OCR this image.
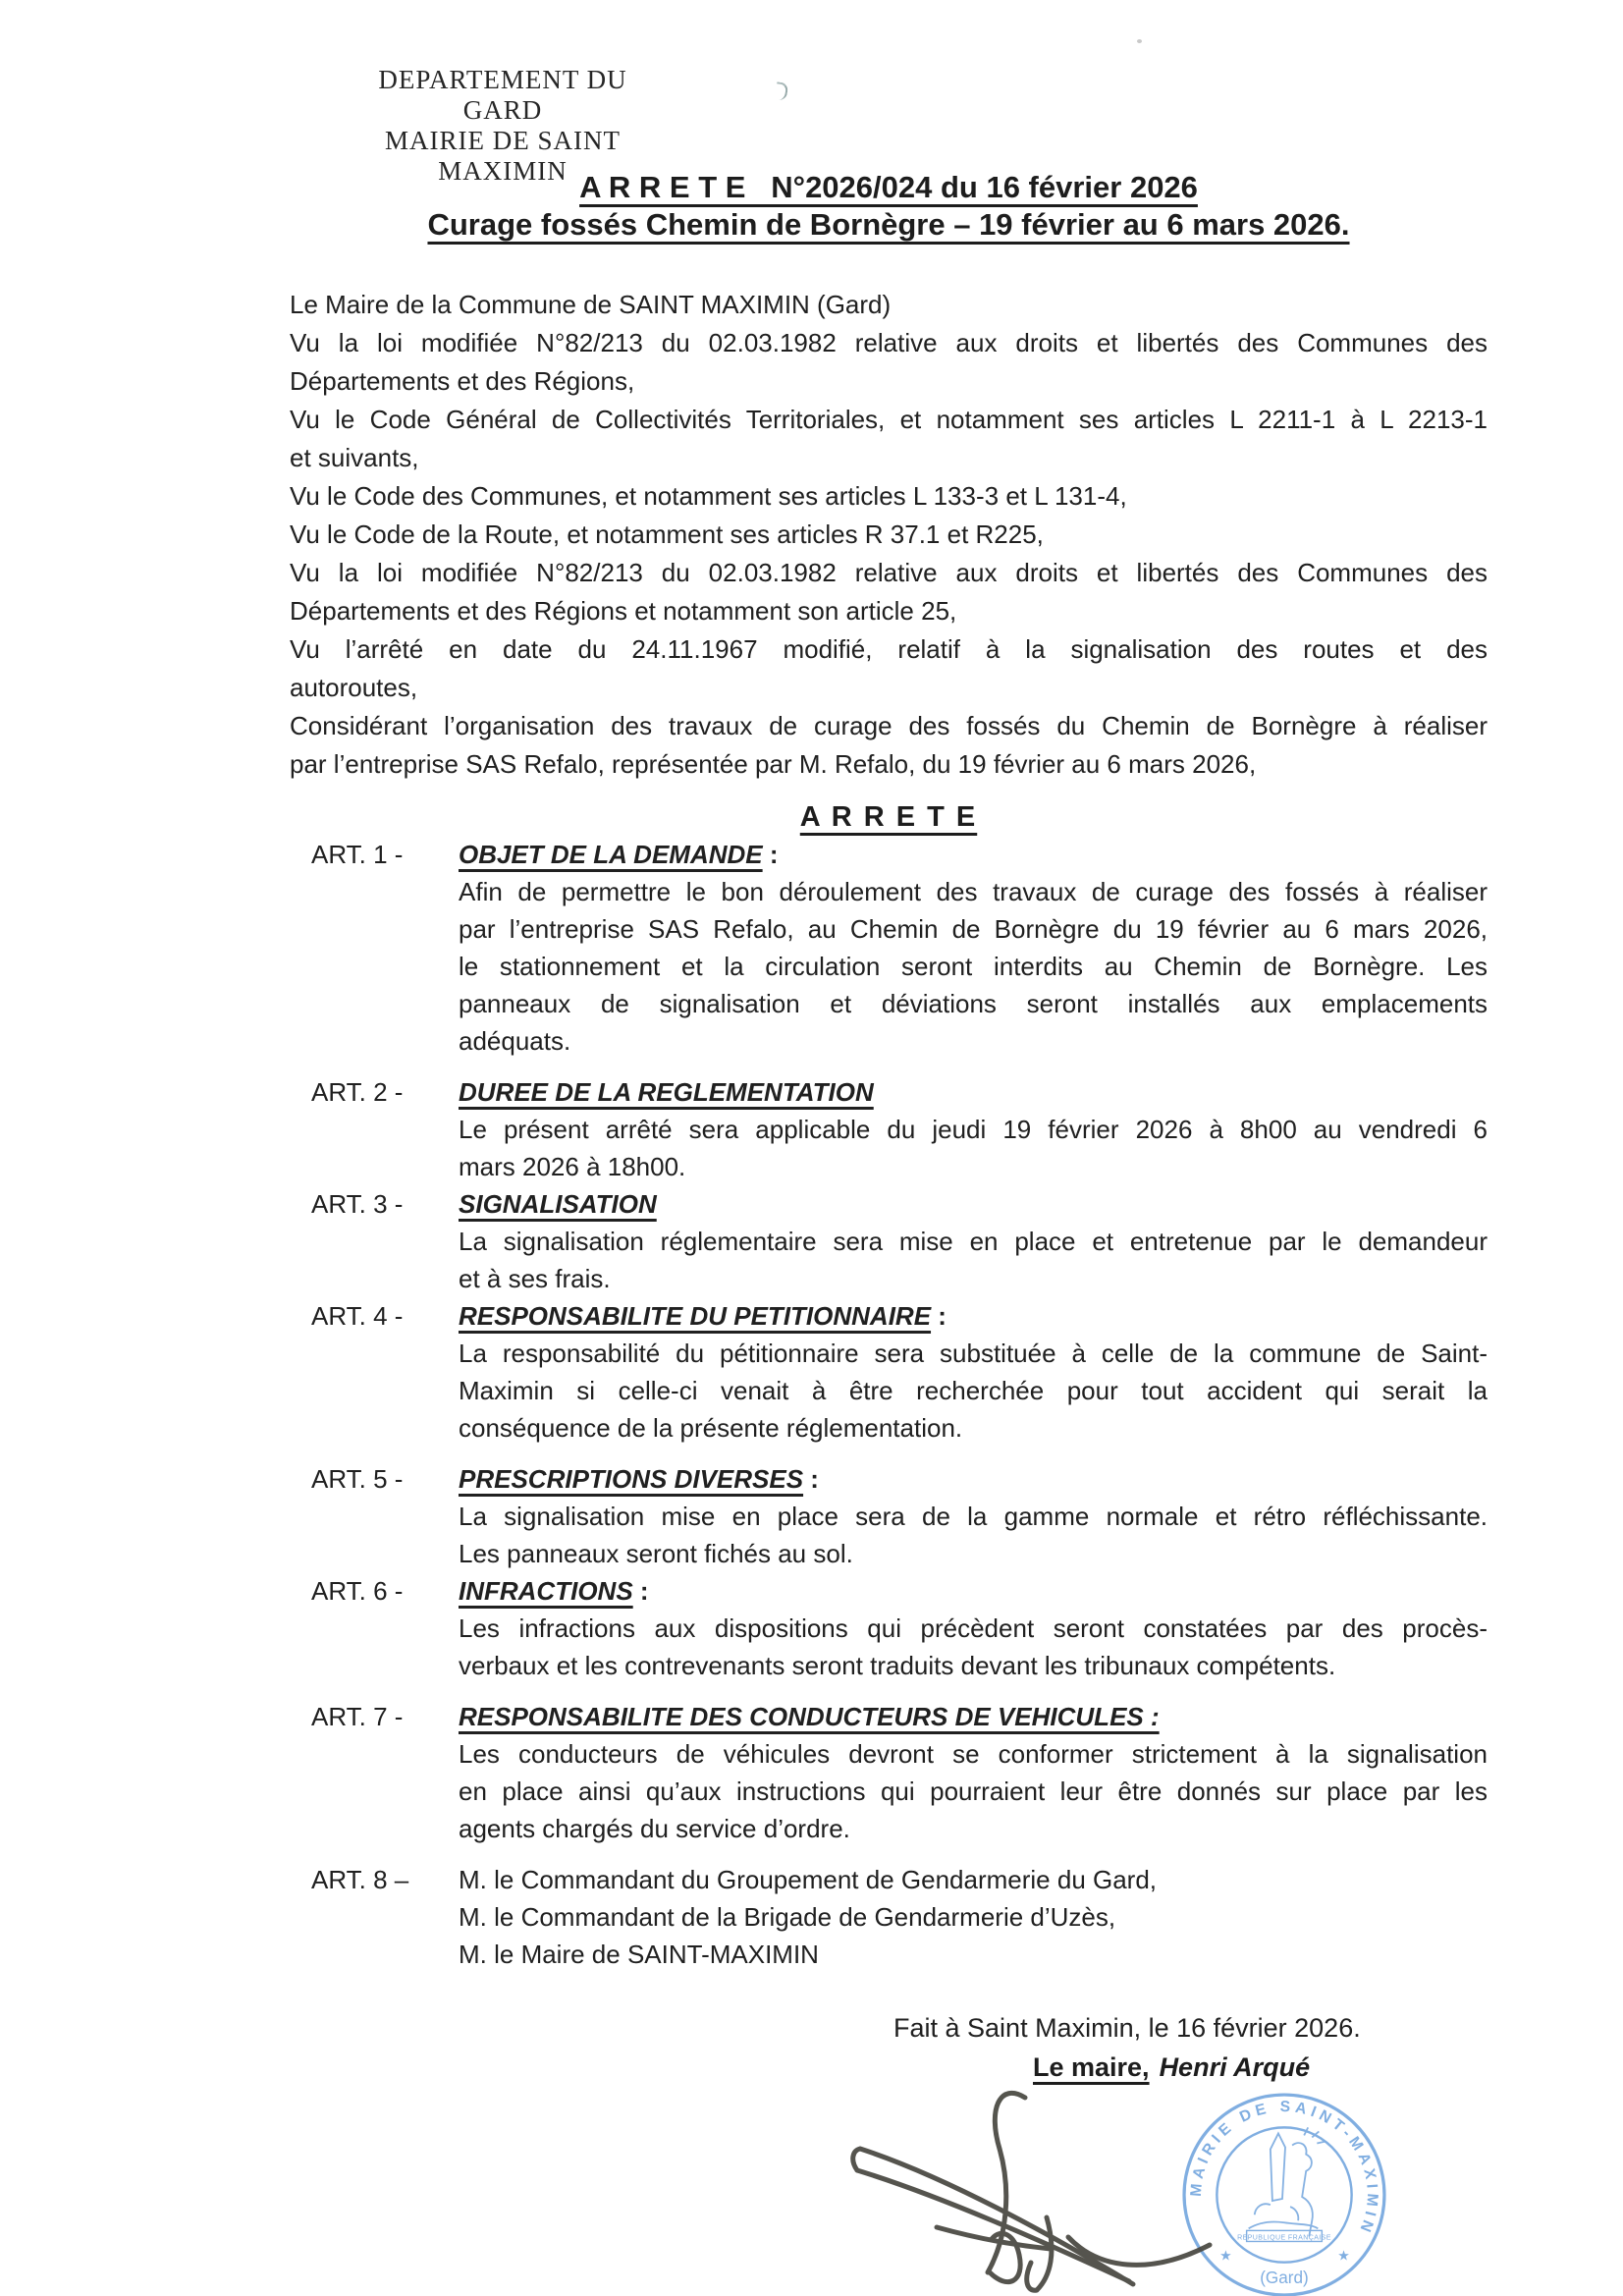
DEPARTEMENT DU GARD
MAIRIE DE SAINT MAXIMIN A R R E T E   N°2026/024 du 16 février 2026
Curage fossés Chemin de Bornègre – 19 février au 6 mars 2026.
Le Maire de la Commune de SAINT MAXIMIN (Gard)
Vu la loi modifiée N°82/213 du 02.03.1982 relative aux droits et libertés des Communes des
Départements et des Régions,
Vu le Code Général de Collectivités Territoriales, et notamment ses articles L 2211-1 à L 2213-1
et suivants,
Vu le Code des Communes, et notamment ses articles L 133-3 et L 131-4,
Vu le Code de la Route, et notamment ses articles R 37.1 et R225,
Vu la loi modifiée N°82/213 du 02.03.1982 relative aux droits et libertés des Communes des
Départements et des Régions et notamment son article 25,
Vu l’arrêté en date du 24.11.1967 modifié, relatif à la signalisation des routes et des
autoroutes,
Considérant l’organisation des travaux de curage des fossés du Chemin de Bornègre à réaliser
par l’entreprise SAS Refalo, représentée par M. Refalo, du 19 février au 6 mars 2026,
A R R E T E
ART. 1 - OBJET DE LA DEMANDE :
Afin de permettre le bon déroulement des travaux de curage des fossés à réaliser
par l’entreprise SAS Refalo, au Chemin de Bornègre du 19 février au 6 mars 2026,
le stationnement et la circulation seront interdits au Chemin de Bornègre. Les
panneaux de signalisation et déviations seront installés aux emplacements
adéquats.
ART. 2 - DUREE DE LA REGLEMENTATION
Le présent arrêté sera applicable du jeudi 19 février 2026 à 8h00 au vendredi 6
mars 2026 à 18h00.
ART. 3 - SIGNALISATION
La signalisation réglementaire sera mise en place et entretenue par le demandeur
et à ses frais.
ART. 4 - RESPONSABILITE DU PETITIONNAIRE :
La responsabilité du pétitionnaire sera substituée à celle de la commune de Saint-
Maximin si celle-ci venait à être recherchée pour tout accident qui serait la
conséquence de la présente réglementation.
ART. 5 - PRESCRIPTIONS DIVERSES :
La signalisation mise en place sera de la gamme normale et rétro réfléchissante.
Les panneaux seront fichés au sol.
ART. 6 - INFRACTIONS :
Les infractions aux dispositions qui précèdent seront constatées par des procès-
verbaux et les contrevenants seront traduits devant les tribunaux compétents.
ART. 7 - RESPONSABILITE DES CONDUCTEURS DE VEHICULES :
Les conducteurs de véhicules devront se conformer strictement à la signalisation
en place ainsi qu’aux instructions qui pourraient leur être donnés sur place par les
agents chargés du service d’ordre.
ART. 8 – M. le Commandant du Groupement de Gendarmerie du Gard,
M. le Commandant de la Brigade de Gendarmerie d’Uzès,
M. le Maire de SAINT-MAXIMIN
Fait à Saint Maximin, le 16 février 2026.
Le maire, Henri Arqué
MAIRIE DE SAINT-MAXIMIN
REPUBLIQUE FRANÇAISE
(Gard)
★	★
